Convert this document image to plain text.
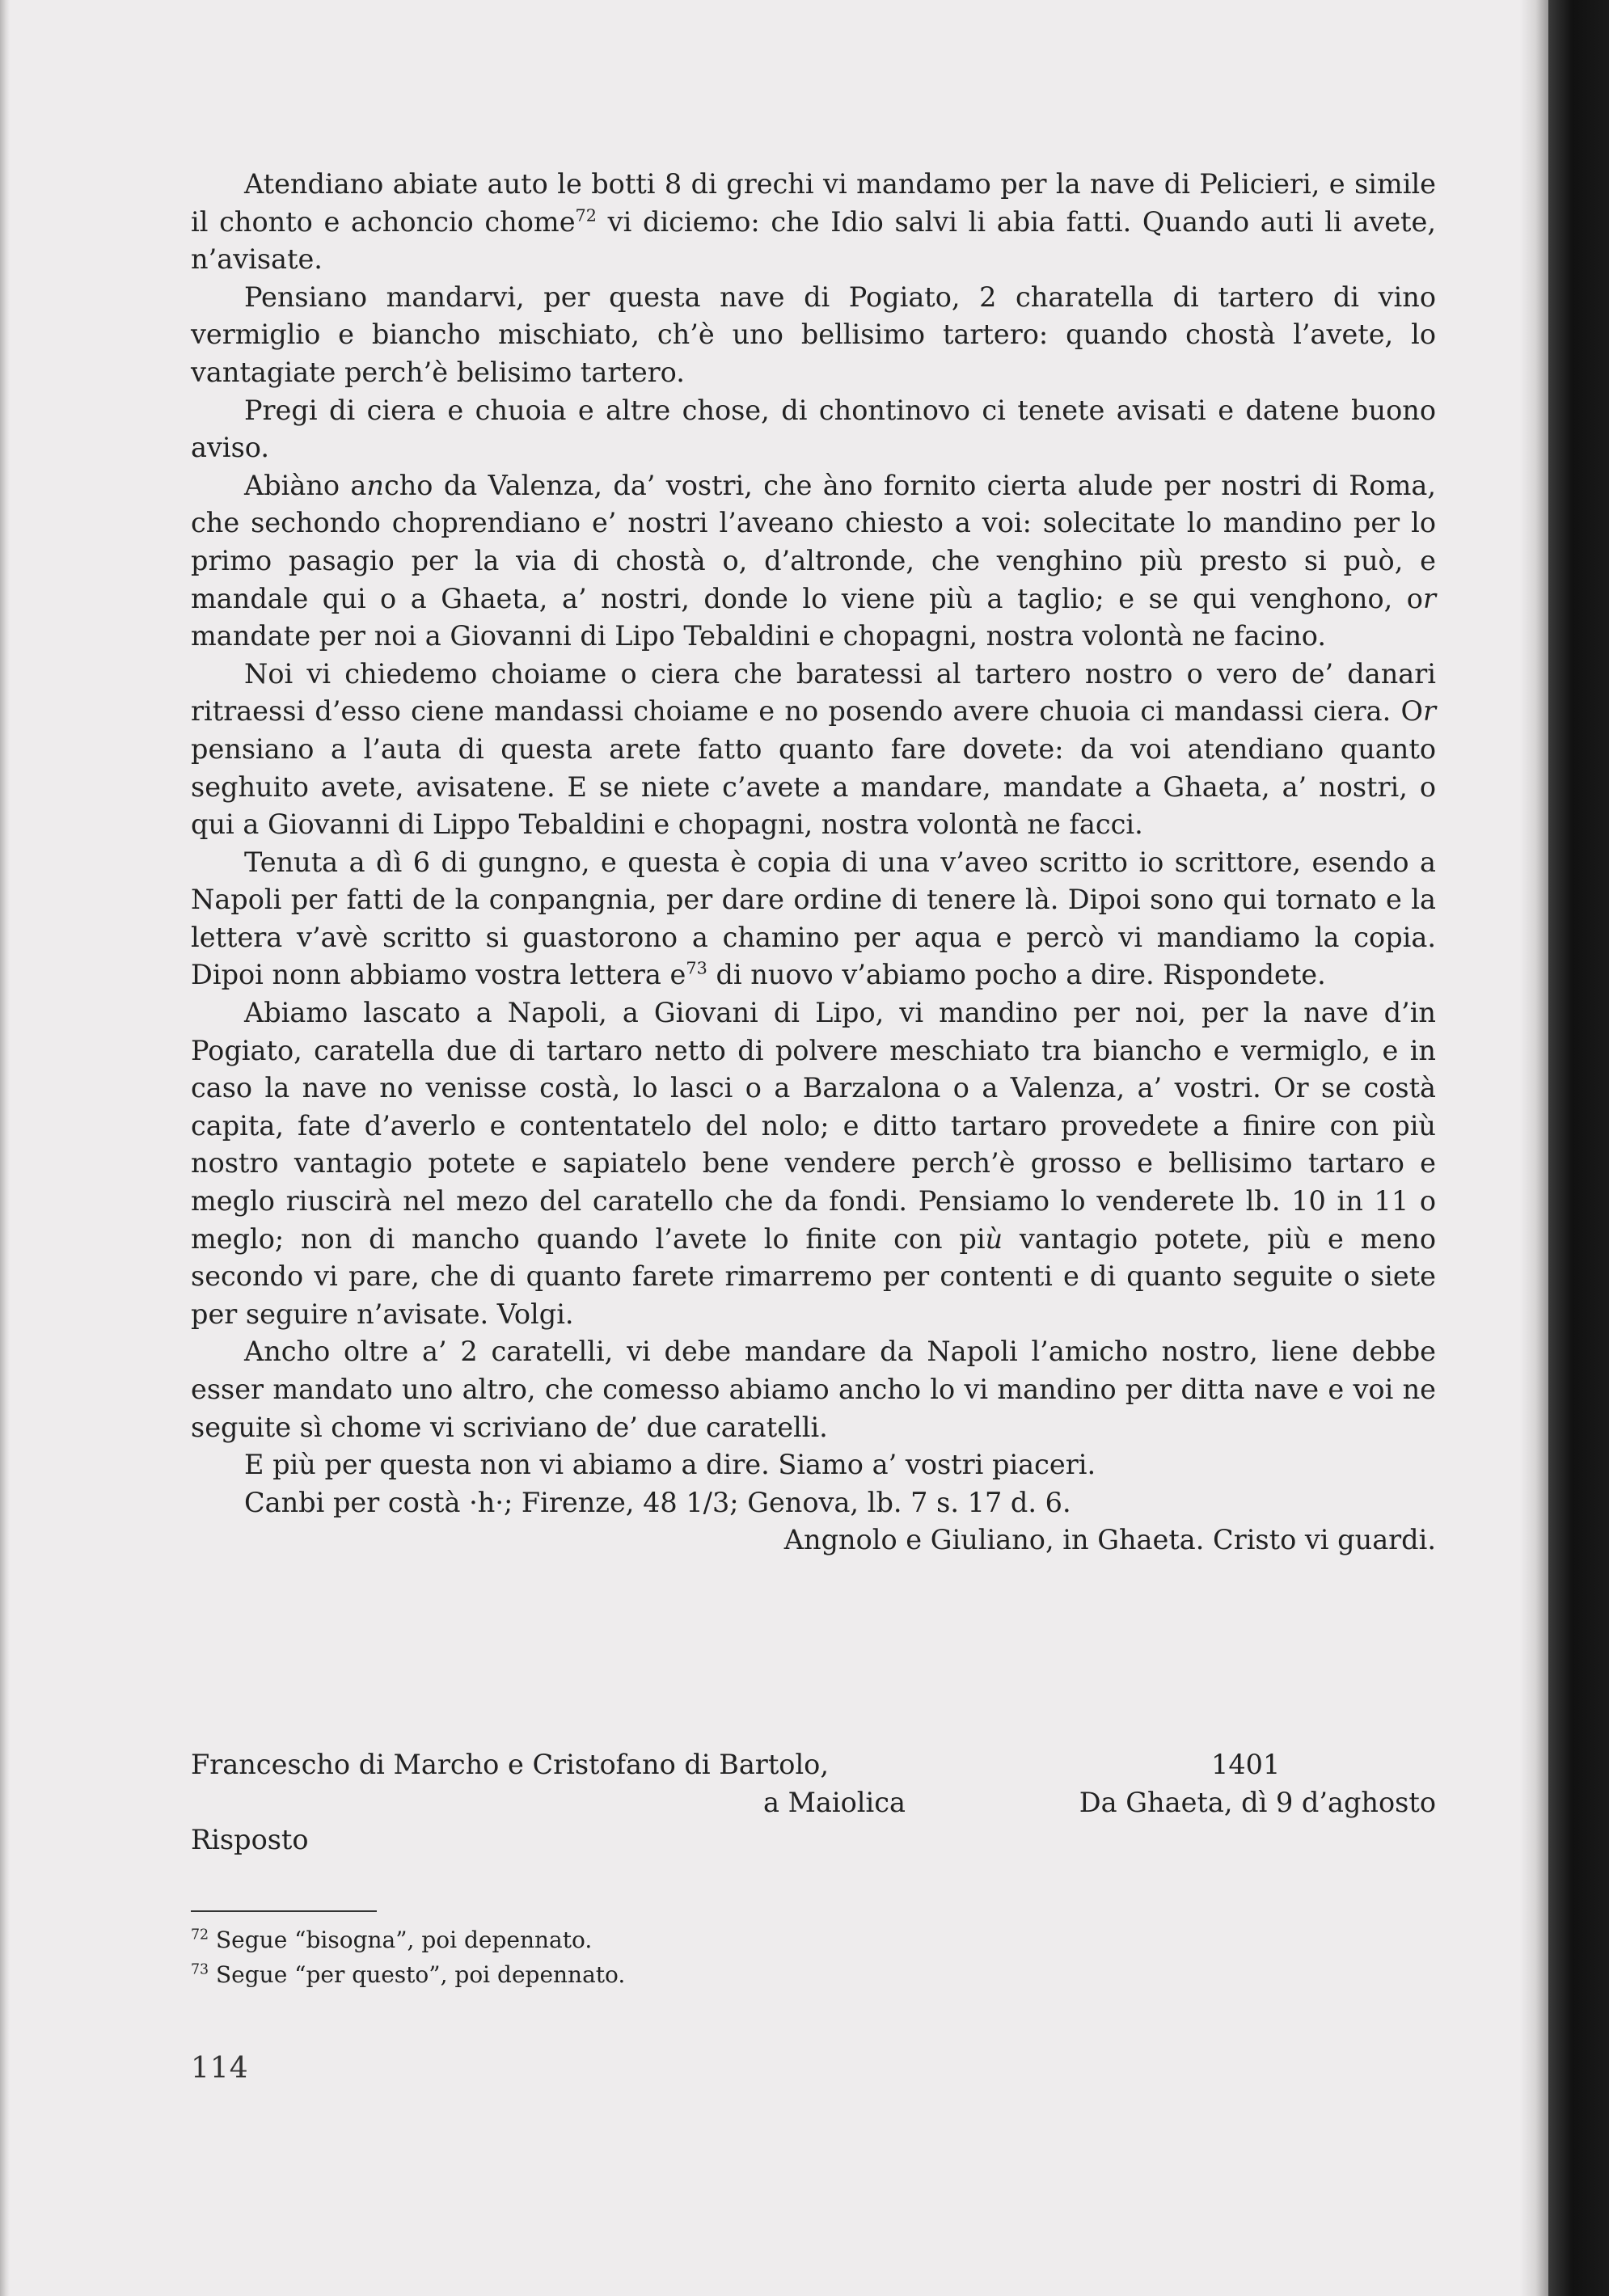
Atendiano abiate auto le botti 8 di grechi vi mandamo per la nave di Pelicieri, e simile il chonto e achoncio chome$^{72}$ vi diciemo: che Idio salvi li abia fatti. Quando auti li avete, n’avisate.

Pensiano mandarvi, per questa nave di Pogiato, 2 charatella di tartero di vino vermiglio e biancho mischiato, ch’è uno bellisimo tartero: quando chostà l’avete, lo vantagiate perch’è belisimo tartero.

Pregi di ciera e chuoia e altre chose, di chontinovo ci tenete avisati e datene buono aviso.

Abiàno ancho da Valenza, da’ vostri, che àno fornito cierta alude per nostri di Roma, che sechondo choprendiano e’ nostri l’aveano chiesto a voi: solecitate lo mandino per lo primo pasagio per la via di chostà o, d’altronde, che venghino più presto si può, e mandale qui o a Ghaeta, a’ nostri, donde lo viene più a taglio; e se qui venghono, or mandate per noi a Giovanni di Lipo Tebaldini e chopagni, nostra volontà ne facino.

Noi vi chiedemo choiame o ciera che baratessi al tartero nostro o vero de’ danari ritraessi d’esso ciene mandassi choiame e no posendo avere chuoia ci mandassi ciera. Or pensiano a l’auta di questa arete fatto quanto fare dovete: da voi atendiano quanto seghuito avete, avisatene. E se niete c’avete a mandare, mandate a Ghaeta, a’ nostri, o qui a Giovanni di Lippo Tebaldini e chopagni, nostra volontà ne facci.

Tenuta a dì 6 di gungno, e questa è copia di una v’aveo scritto io scrittore, esendo a Napoli per fatti de la conpangnia, per dare ordine di tenere là. Dipoi sono qui tornato e la lettera v’avè scritto si guastorono a chamino per aqua e percò vi mandiamo la copia. Dipoi nonn abbiamo vostra lettera $e^{73}$ di nuovo v’abiamo pocho a dire. Rispondete.

Abiamo lascato a Napoli, a Giovani di Lipo, vi mandino per noi, per la nave d’in Pogiato, caratella due di tartaro netto di polvere meschiato tra biancho e vermiglo, e in caso la nave no venisse costà, lo lasci o a Barzalona o a Valenza, a’ vostri. Or se costà capita, fate d’averlo e contentatelo del nolo; e ditto tartaro provedete a finire con più nostro vantagio potete e sapiatelo bene vendere perch’è grosso e bellisimo tartaro e meglo riuscirà nel mezo del caratello che da fondi. Pensiamo lo venderete lb. 10 in 11 o meglo; non di mancho quando l’avete lo finite con più vantagio potete, più e meno secondo vi pare, che di quanto farete rimarremo per contenti e di quanto seguite o siete per seguire n’avisate. Volgi.

Ancho oltre a’ 2 caratelli, vi debe mandare da Napoli l’amicho nostro, liene debbe esser mandato uno altro, che comesso abiamo ancho lo vi mandino per ditta nave e voi ne seguite sì chome vi scriviano de’ due caratelli.

E più per questa non vi abiamo a dire. Siamo a’ vostri piaceri.

Canbi per costà ·h·; Firenze, 48 1/3; Genova, lb. 7 s. 17 d. 6.

Angnolo e Giuliano, in Ghaeta. Cristo vi guardi.

Francescho di Marcho e Cristofano di Bartolo,	1401
a Maiolica	Da Ghaeta, dì 9 d’aghosto
Risposto

$^{72}$ Segue “bisogna”, poi depennato.

$^{73}$ Segue “per questo”, poi depennato.

114
